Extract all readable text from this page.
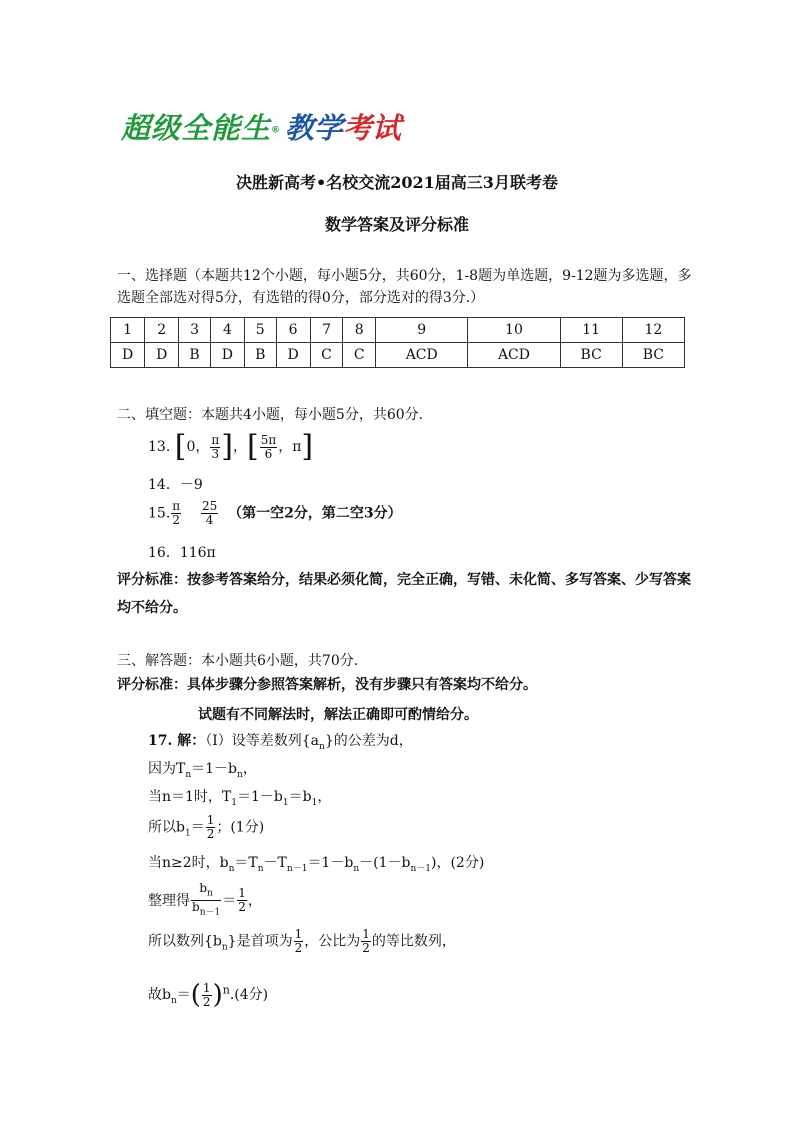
超级全能生® 教学考试
决胜新高考•名校交流2021届高三3月联考卷
数学答案及评分标准
一、选择题（本题共12个小题，每小题5分，共60分，1-8题为单选题，9-12题为多选题，多选题全部选对得5分，有选错的得0分，部分选对的得3分.）
1	2	3	4	5	6	7	8	9	10	11	12
D	D	B	D	B	D	C	C	ACD	ACD	BC	BC
二、填空题：本题共4小题，每小题5分，共60分.
13. [0， $\frac{\pi}{3}$ ]，[ $\frac{5\pi}{6}$ ，π]
14．－9
15. $\frac{\pi}{2}$
$\frac{25}{4}$ （第一空2分，第二空3分）
16．116π
评分标准：按参考答案给分，结果必须化简，完全正确，写错、未化简、多写答案、少写答案均不给分。
三、解答题：本小题共6小题，共70分.
评分标准：具体步骤分参照答案解析，没有步骤只有答案均不给分。
试题有不同解法时，解法正确即可酌情给分。
17. 解：（Ⅰ）设等差数列$\{a_n\}$的公差为d，
因为$T_n=1-b_n$，
当n＝1时，$T_1=1-b_1=b_1$，
所以$b_1= \frac{1}{2}$ ；(1分)
当n≥2时，$b_n=T_n-T_{n-1}=1-b_n-(1-b_{n-1})$，(2分)
整理得 $\frac{b_n}{b_{n-1}} = \frac{1}{2}$ ，
所以数列$\{b_n\}$是首项为 $\frac{1}{2}$ ，公比为 $\frac{1}{2}$ 的等比数列，
故$b_n=( \frac{1}{2} )^n.(4$分)
